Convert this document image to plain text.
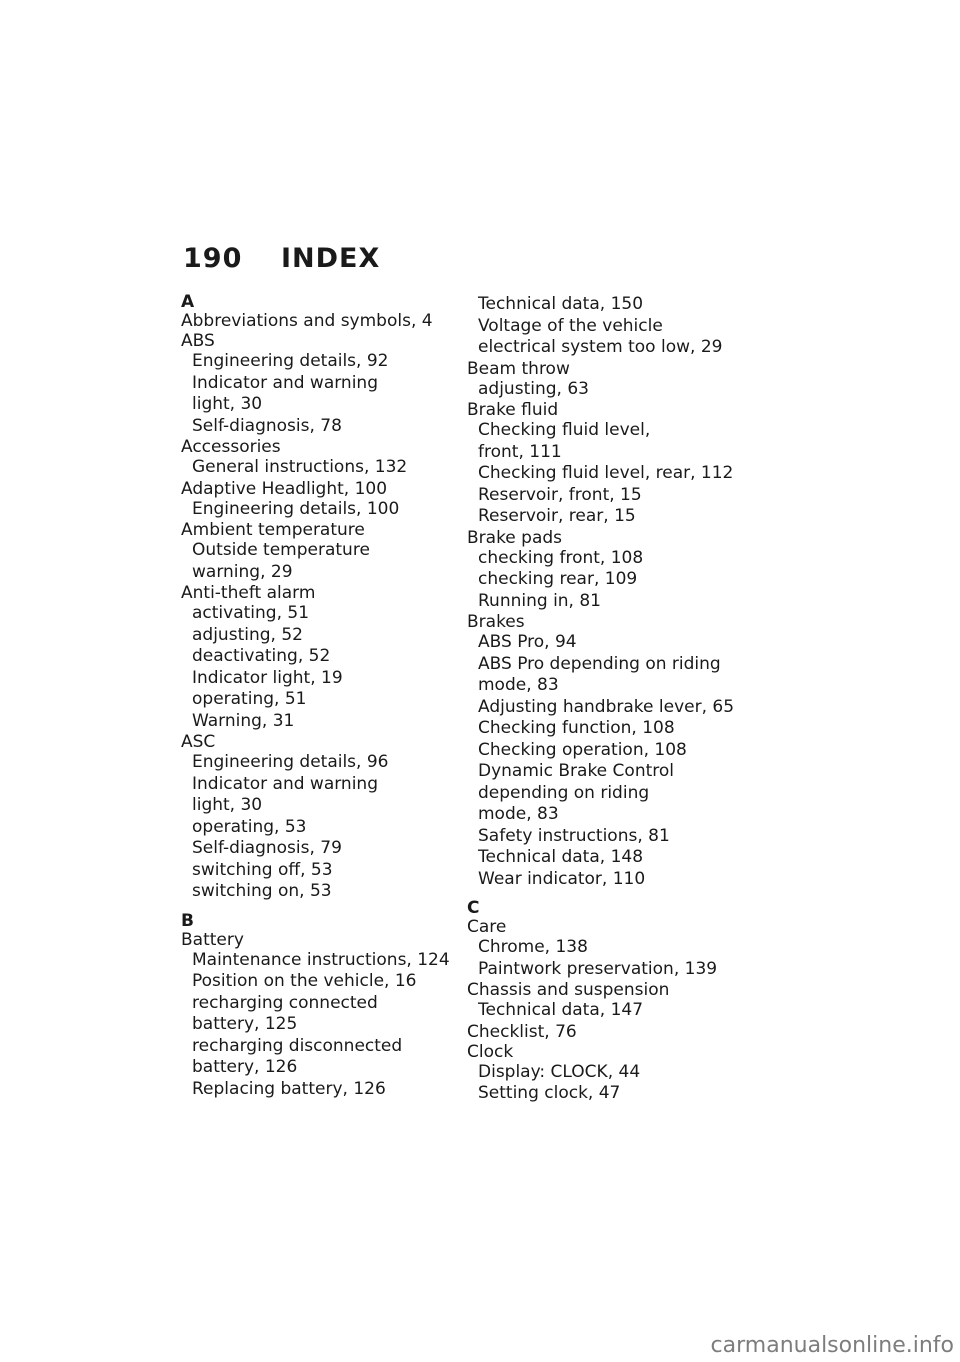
190 INDEX
A
Abbreviations and symbols, 4
ABS
Engineering details, 92
Indicator and warning
light, 30
Self-diagnosis, 78
Accessories
General instructions, 132
Adaptive Headlight, 100
Engineering details, 100
Ambient temperature
Outside temperature
warning, 29
Anti-theft alarm
activating, 51
adjusting, 52
deactivating, 52
Indicator light, 19
operating, 51
Warning, 31
ASC
Engineering details, 96
Indicator and warning
light, 30
operating, 53
Self-diagnosis, 79
switching off, 53
switching on, 53
B
Battery
Maintenance instructions, 124
Position on the vehicle, 16
recharging connected
battery, 125
recharging disconnected
battery, 126
Replacing battery, 126
Technical data, 150
Voltage of the vehicle
electrical system too low, 29
Beam throw
adjusting, 63
Brake fluid
Checking fluid level,
front, 111
Checking fluid level, rear, 112
Reservoir, front, 15
Reservoir, rear, 15
Brake pads
checking front, 108
checking rear, 109
Running in, 81
Brakes
ABS Pro, 94
ABS Pro depending on riding
mode, 83
Adjusting handbrake lever, 65
Checking function, 108
Checking operation, 108
Dynamic Brake Control
depending on riding
mode, 83
Safety instructions, 81
Technical data, 148
Wear indicator, 110
C
Care
Chrome, 138
Paintwork preservation, 139
Chassis and suspension
Technical data, 147
Checklist, 76
Clock
Display: CLOCK, 44
Setting clock, 47
carmanualsonline.info
